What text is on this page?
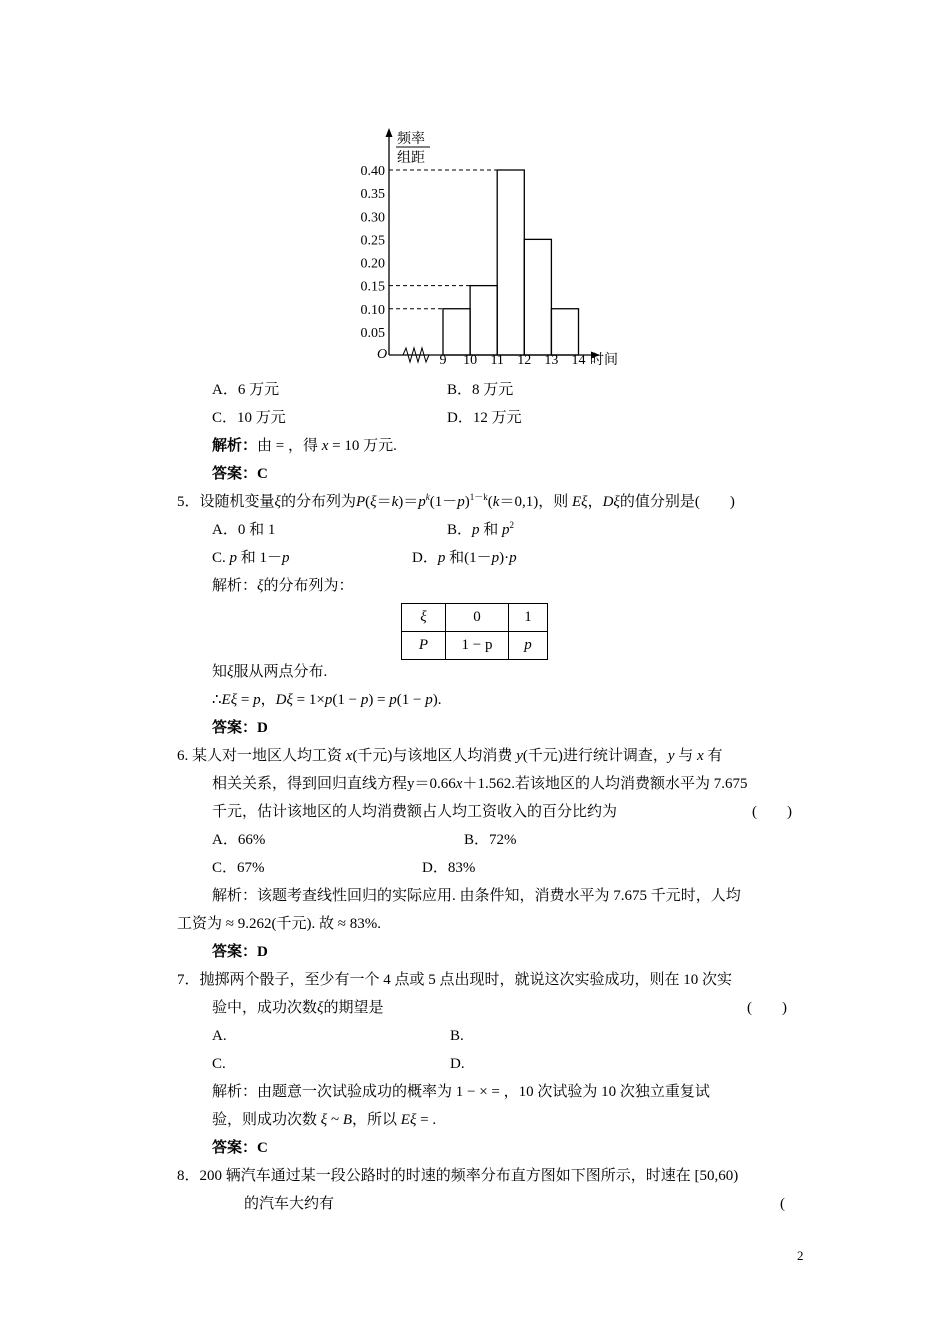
频率
组距
时间
O
0.40
0.35
0.30
0.25
0.20
0.15
0.10
0.05
9 10 11 12 13 14
A．6 万元	B．8 万元
C．10 万元	D．12 万元
解析：由 = ，得 x = 10 万元.
答案：C
5．设随机变量ξ的分布列为$P(\xi=k)=p^k(1-p)^{1-k}(k=0,1)$，则 Eξ，Dξ的值分别是(　　)
A．0 和 1	B．p 和 $p^2$
C. p 和 1－p	D．p 和(1－p)·p
解析：ξ的分布列为：
ξ	0	1
P	1 − p	p
知ξ服从两点分布.
∴Eξ = p，Dξ = 1×p(1 − p) = p(1 − p).
答案：D
6. 某人对一地区人均工资 x(千元)与该地区人均消费 y(千元)进行统计调查，y 与 x 有
相关关系，得到回归直线方程y＝0.66x＋1.562.若该地区的人均消费额水平为 7.675
千元，估计该地区的人均消费额占人均工资收入的百分比约为	(　　)
A．66%	B．72%
C．67%	D．83%
解析：该题考查线性回归的实际应用. 由条件知，消费水平为 7.675 千元时，人均
工资为 ≈ 9.262(千元). 故 ≈ 83%.
答案：D
7．抛掷两个骰子，至少有一个 4 点或 5 点出现时，就说这次实验成功，则在 10 次实
验中，成功次数ξ的期望是	(　　)
A.	B.
C.	D.
解析：由题意一次试验成功的概率为 1 − × = ，10 次试验为 10 次独立重复试
验，则成功次数 ξ ~ B，所以 Eξ = .
答案：C
8．200 辆汽车通过某一段公路时的时速的频率分布直方图如下图所示，时速在 [50,60)
的汽车大约有	(
2
